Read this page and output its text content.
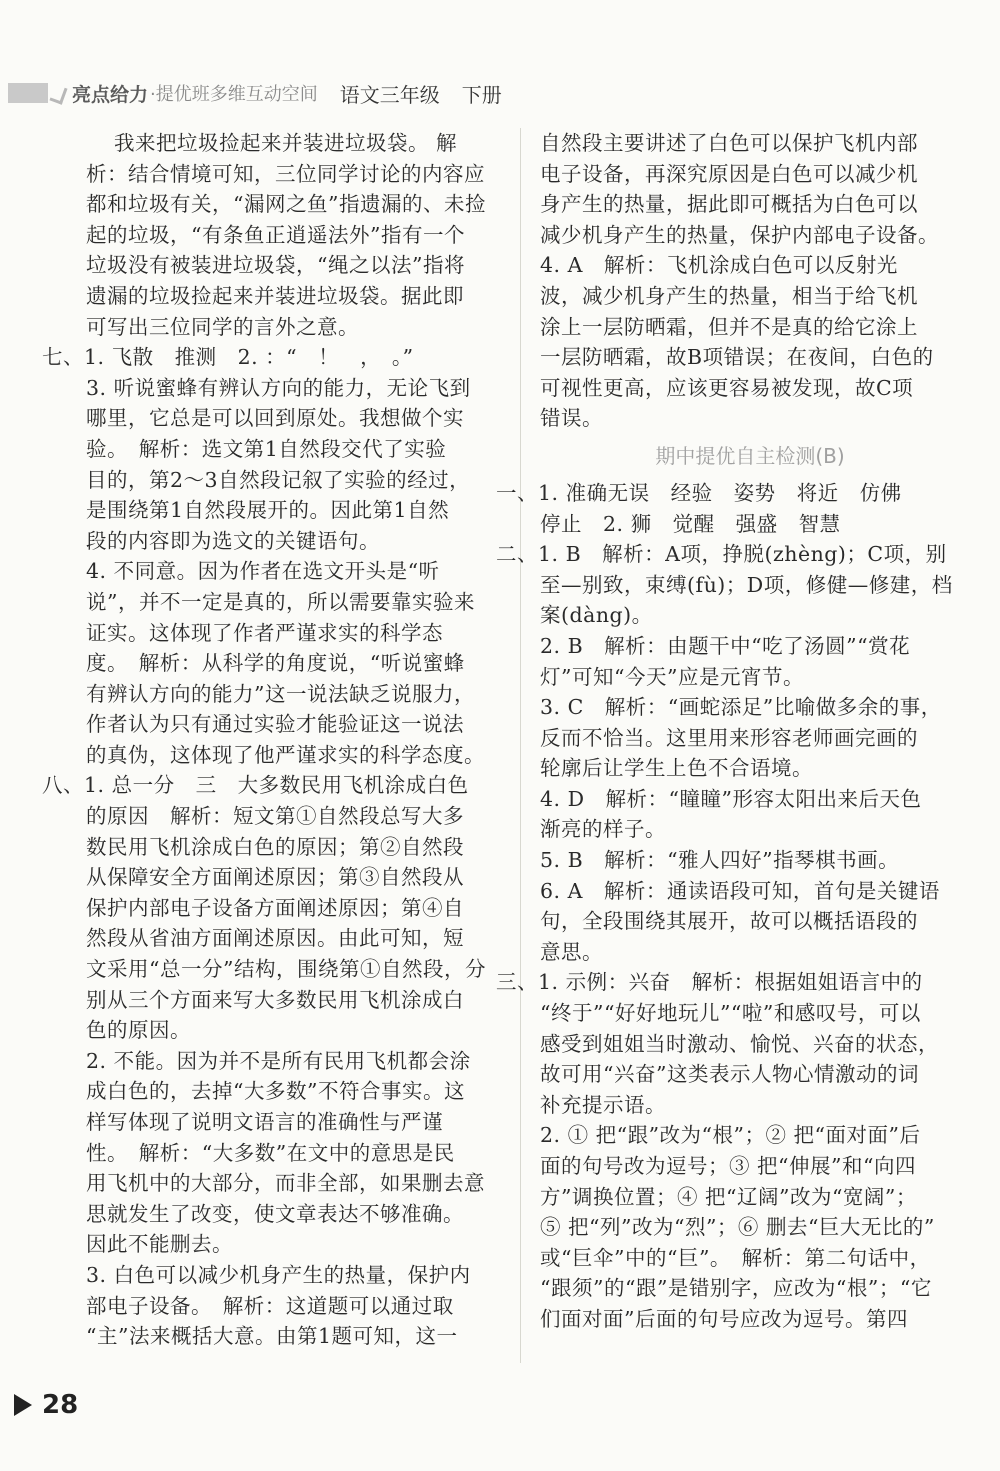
亮点给力 ·提优班多维互动空间 语文三年级 下册
我来把垃圾捡起来并装进垃圾袋。 解
析：结合情境可知，三位同学讨论的内容应
都和垃圾有关，“漏网之鱼”指遗漏的、未捡
起的垃圾，“有条鱼正逍遥法外”指有一个
垃圾没有被装进垃圾袋，“绳之以法”指将
遗漏的垃圾捡起来并装进垃圾袋。据此即
可写出三位同学的言外之意。
七、1. 飞散　推测　2. ：“　！　，　。”
3. 听说蜜蜂有辨认方向的能力，无论飞到
哪里，它总是可以回到原处。我想做个实
验。　解析：选文第1自然段交代了实验
目的，第2～3自然段记叙了实验的经过，
是围绕第1自然段展开的。因此第1自然
段的内容即为选文的关键语句。
4. 不同意。因为作者在选文开头是“听
说”，并不一定是真的，所以需要靠实验来
证实。这体现了作者严谨求实的科学态
度。　解析：从科学的角度说，“听说蜜蜂
有辨认方向的能力”这一说法缺乏说服力，
作者认为只有通过实验才能验证这一说法
的真伪，这体现了他严谨求实的科学态度。
八、1. 总一分　三　大多数民用飞机涂成白色
的原因　解析：短文第①自然段总写大多
数民用飞机涂成白色的原因；第②自然段
从保障安全方面阐述原因；第③自然段从
保护内部电子设备方面阐述原因；第④自
然段从省油方面阐述原因。由此可知，短
文采用“总一分”结构，围绕第①自然段，分
别从三个方面来写大多数民用飞机涂成白
色的原因。
2. 不能。因为并不是所有民用飞机都会涂
成白色的，去掉“大多数”不符合事实。这
样写体现了说明文语言的准确性与严谨
性。　解析：“大多数”在文中的意思是民
用飞机中的大部分，而非全部，如果删去意
思就发生了改变，使文章表达不够准确。
因此不能删去。
3. 白色可以减少机身产生的热量，保护内
部电子设备。　解析：这道题可以通过取
“主”法来概括大意。由第1题可知，这一
自然段主要讲述了白色可以保护飞机内部
电子设备，再深究原因是白色可以减少机
身产生的热量，据此即可概括为白色可以
减少机身产生的热量，保护内部电子设备。
4. A　解析：飞机涂成白色可以反射光
波，减少机身产生的热量，相当于给飞机
涂上一层防晒霜，但并不是真的给它涂上
一层防晒霜，故B项错误；在夜间，白色的
可视性更高，应该更容易被发现，故C项
错误。
期中提优自主检测(B)
一、1. 准确无误　经验　姿势　将近　仿佛
停止　2. 狮　觉醒　强盛　智慧
二、1. B　解析：A项，挣脱(zhèng)；C项，别
至—别致，束缚(fù)；D项，修健—修建，档
案(dàng)。
2. B　解析：由题干中“吃了汤圆”“赏花
灯”可知“今天”应是元宵节。
3. C　解析：“画蛇添足”比喻做多余的事，
反而不恰当。这里用来形容老师画完画的
轮廓后让学生上色不合语境。
4. D　解析：“瞳瞳”形容太阳出来后天色
渐亮的样子。
5. B　解析：“雅人四好”指琴棋书画。
6. A　解析：通读语段可知，首句是关键语
句，全段围绕其展开，故可以概括语段的
意思。
三、1. 示例：兴奋　解析：根据姐姐语言中的
“终于”“好好地玩儿”“啦”和感叹号，可以
感受到姐姐当时激动、愉悦、兴奋的状态，
故可用“兴奋”这类表示人物心情激动的词
补充提示语。
2. ① 把“跟”改为“根”；② 把“面对面”后
面的句号改为逗号；③ 把“伸展”和“向四
方”调换位置；④ 把“辽阔”改为“宽阔”；
⑤ 把“列”改为“烈”；⑥ 删去“巨大无比的”
或“巨伞”中的“巨”。　解析：第二句话中，
“跟须”的“跟”是错别字，应改为“根”；“它
们面对面”后面的句号应改为逗号。第四
28
